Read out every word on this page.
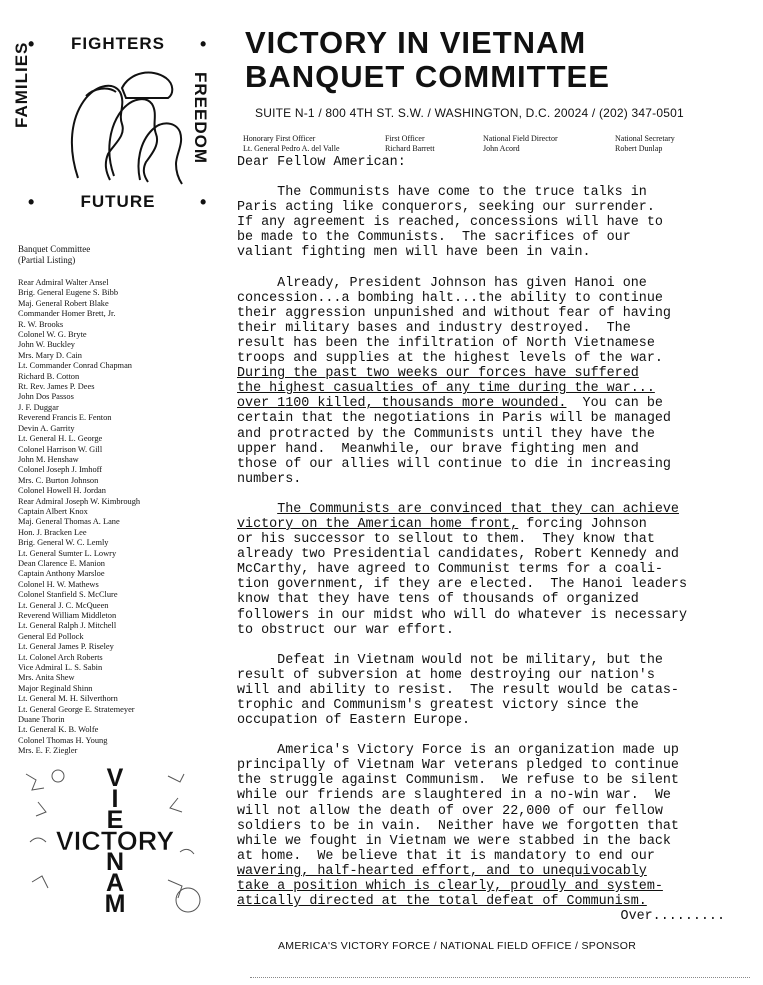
•	•
•	•
FIGHTERS
FAMILIES	FREEDOM
FUTURE
Banquet Committee
(Partial Listing)
Rear Admiral Walter Ansel
Brig. General Eugene S. Bibb
Maj. General Robert Blake
Commander Homer Brett, Jr.
R. W. Brooks
Colonel W. G. Bryte
John W. Buckley
Mrs. Mary D. Cain
Lt. Commander Conrad Chapman
Richard B. Cotton
Rt. Rev. James P. Dees
John Dos Passos
J. F. Duggar
Reverend Francis E. Fenton
Devin A. Garrity
Lt. General H. L. George
Colonel Harrison W. Gill
John M. Henshaw
Colonel Joseph J. Imhoff
Mrs. C. Burton Johnson
Colonel Howell H. Jordan
Rear Admiral Joseph W. Kimbrough
Captain Albert Knox
Maj. General Thomas A. Lane
Hon. J. Bracken Lee
Brig. General W. C. Lemly
Lt. General Sumter L. Lowry
Dean Clarence E. Manion
Captain Anthony Marsloe
Colonel H. W. Mathews
Colonel Stanfield S. McClure
Lt. General J. C. McQueen
Reverend William Middleton
Lt. General Ralph J. Mitchell
General Ed Pollock
Lt. General James P. Riseley
Lt. Colonel Arch Roberts
Vice Admiral L. S. Sabin
Mrs. Anita Shew
Major Reginald Shinn
Lt. General M. H. Silverthorn
Lt. General George E. Stratemeyer
Duane Thorin
Lt. General K. B. Wolfe
Colonel Thomas H. Young
Mrs. E. F. Ziegler
V I E N A M
VICTORY
VICTORY IN VIETNAM
BANQUET COMMITTEE
SUITE N-1 / 800 4TH ST. S.W. / WASHINGTON, D.C. 20024 / (202) 347-0501
Honorary First Officer
Lt. General Pedro A. del Valle
First Officer
Richard Barrett
National Field Director
John Acord
National Secretary
Robert Dunlap
Dear Fellow American:

The Communists have come to the truce talks in

Paris acting like conquerors, seeking our surrender.

If any agreement is reached, concessions will have to

be made to the Communists.  The sacrifices of our

valiant fighting men will have been in vain.

Already, President Johnson has given Hanoi one

concession...a bombing halt...the ability to continue

their aggression unpunished and without fear of having

their military bases and industry destroyed.  The

result has been the infiltration of North Vietnamese

troops and supplies at the highest levels of the war.

During the past two weeks our forces have suffered

the highest casualties of any time during the war...

over 1100 killed, thousands more wounded.  You can be

certain that the negotiations in Paris will be managed

and protracted by the Communists until they have the

upper hand.  Meanwhile, our brave fighting men and

those of our allies will continue to die in increasing

numbers.

The Communists are convinced that they can achieve

victory on the American home front, forcing Johnson

or his successor to sellout to them.  They know that

already two Presidential candidates, Robert Kennedy and

McCarthy, have agreed to Communist terms for a coali-

tion government, if they are elected.  The Hanoi leaders

know that they have tens of thousands of organized

followers in our midst who will do whatever is necessary

to obstruct our war effort.

Defeat in Vietnam would not be military, but the

result of subversion at home destroying our nation's

will and ability to resist.  The result would be catas-

trophic and Communism's greatest victory since the

occupation of Eastern Europe.

America's Victory Force is an organization made up

principally of Vietnam War veterans pledged to continue

the struggle against Communism.  We refuse to be silent

while our friends are slaughtered in a no-win war.  We

will not allow the death of over 22,000 of our fellow

soldiers to be in vain.  Neither have we forgotten that

while we fought in Vietnam we were stabbed in the back

at home.  We believe that it is mandatory to end our

wavering, half-hearted effort, and to unequivocably

take a position which is clearly, proudly and system-

atically directed at the total defeat of Communism.

Over.........
AMERICA'S VICTORY FORCE / NATIONAL FIELD OFFICE / SPONSOR
